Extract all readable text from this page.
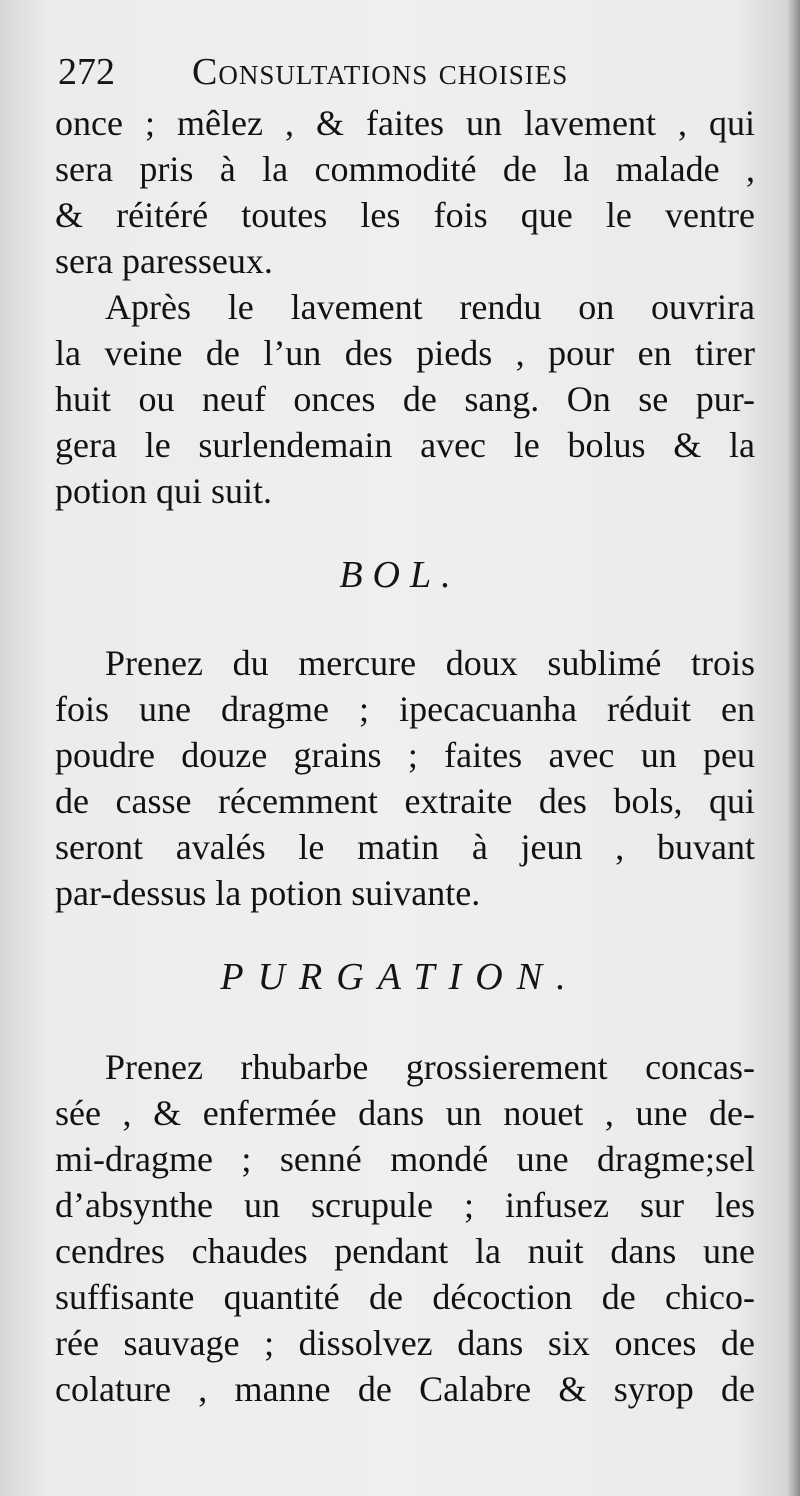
272 Consultations choisies
once ; mêlez , & faites un lavement , qui
sera pris à la commodité de la malade ,
& réitéré toutes les fois que le ventre
sera paresseux.
Après le lavement rendu on ouvrira
la veine de l’un des pieds , pour en tirer
huit ou neuf onces de sang. On se pur-
gera le surlendemain avec le bolus & la
potion qui suit.
BOL.
Prenez du mercure doux sublimé trois
fois une dragme ; ipecacuanha réduit en
poudre douze grains ; faites avec un peu
de casse récemment extraite des bols, qui
seront avalés le matin à jeun , buvant
par-dessus la potion suivante.
PURGATION.
Prenez rhubarbe grossierement concas-
sée , & enfermée dans un nouet , une de-
mi-dragme ; senné mondé une dragme;sel
d’absynthe un scrupule ; infusez sur les
cendres chaudes pendant la nuit dans une
suffisante quantité de décoction de chico-
rée sauvage ; dissolvez dans six onces de
colature , manne de Calabre & syrop de
